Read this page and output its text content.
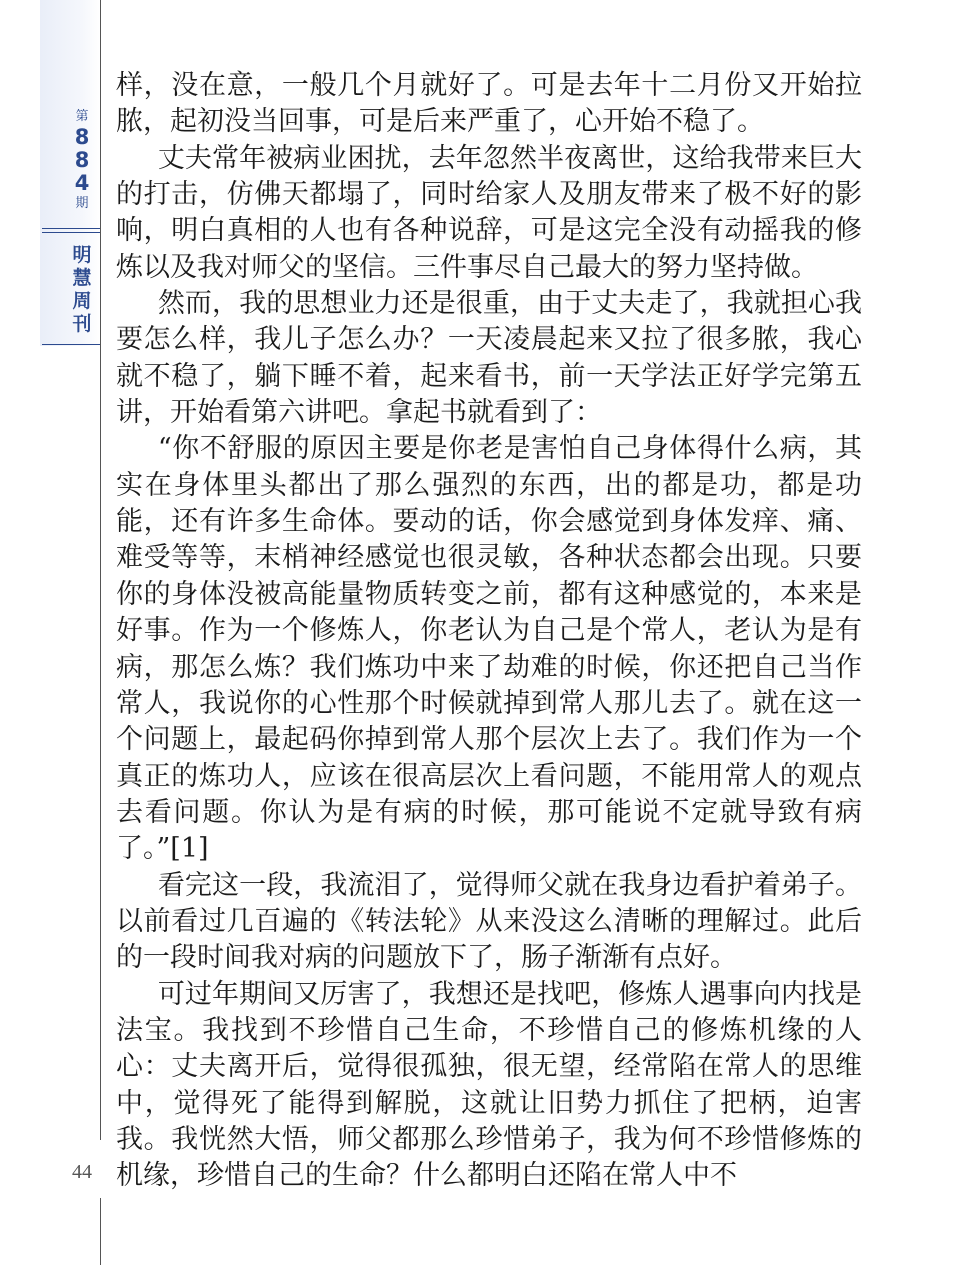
第
8
8
4
期
明
慧
周
刊
44

样，没在意，一般几个月就好了。可是去年十二月份又开始拉脓，起初没当回事，可是后来严重了，心开始不稳了。

丈夫常年被病业困扰，去年忽然半夜离世，这给我带来巨大的打击，仿佛天都塌了，同时给家人及朋友带来了极不好的影响，明白真相的人也有各种说辞，可是这完全没有动摇我的修炼以及我对师父的坚信。三件事尽自己最大的努力坚持做。

然而，我的思想业力还是很重，由于丈夫走了，我就担心我要怎么样，我儿子怎么办？一天凌晨起来又拉了很多脓，我心就不稳了，躺下睡不着，起来看书，前一天学法正好学完第五讲，开始看第六讲吧。拿起书就看到了：

“你不舒服的原因主要是你老是害怕自己身体得什么病，其实在身体里头都出了那么强烈的东西，出的都是功，都是功能，还有许多生命体。要动的话，你会感觉到身体发痒、痛、难受等等，末梢神经感觉也很灵敏，各种状态都会出现。只要你的身体没被高能量物质转变之前，都有这种感觉的，本来是好事。作为一个修炼人，你老认为自己是个常人，老认为是有病，那怎么炼？我们炼功中来了劫难的时候，你还把自己当作常人，我说你的心性那个时候就掉到常人那儿去了。就在这一个问题上，最起码你掉到常人那个层次上去了。我们作为一个真正的炼功人，应该在很高层次上看问题，不能用常人的观点去看问题。你认为是有病的时候，那可能说不定就导致有病了。”[1]

看完这一段，我流泪了，觉得师父就在我身边看护着弟子。以前看过几百遍的《转法轮》从来没这么清晰的理解过。此后的一段时间我对病的问题放下了，肠子渐渐有点好。

可过年期间又厉害了，我想还是找吧，修炼人遇事向内找是法宝。我找到不珍惜自己生命，不珍惜自己的修炼机缘的人心：丈夫离开后，觉得很孤独，很无望，经常陷在常人的思维中，觉得死了能得到解脱，这就让旧势力抓住了把柄，迫害我。我恍然大悟，师父都那么珍惜弟子，我为何不珍惜修炼的机缘，珍惜自己的生命？什么都明白还陷在常人中不
